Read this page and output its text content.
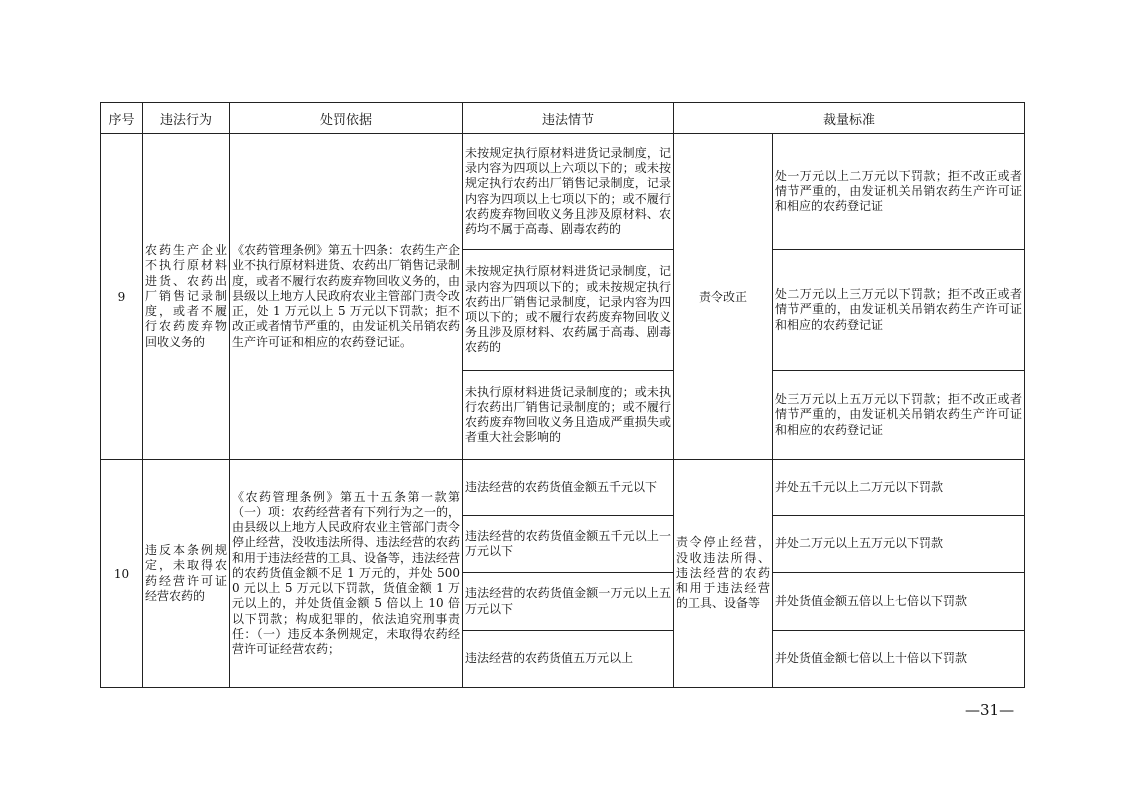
序号	违法行为	处罚依据	违法情节	裁量标准	
9	农药生产企业不执行原材料进货、农药出厂销售记录制度，或者不履行农药废弃物回收义务的	《农药管理条例》第五十四条：农药生产企业不执行原材料进货、农药出厂销售记录制度，或者不履行农药废弃物回收义务的，由县级以上地方人民政府农业主管部门责令改正，处 1 万元以上 5 万元以下罚款；拒不改正或者情节严重的，由发证机关吊销农药生产许可证和相应的农药登记证。	未按规定执行原材料进货记录制度，记录内容为四项以上六项以下的；或未按规定执行农药出厂销售记录制度，记录内容为四项以上七项以下的；或不履行农药废弃物回收义务且涉及原材料、农药均不属于高毒、剧毒农药的	责令改正	处一万元以上二万元以下罚款；拒不改正或者情节严重的，由发证机关吊销农药生产许可证和相应的农药登记证
			未按规定执行原材料进货记录制度，记录内容为四项以下的；或未按规定执行农药出厂销售记录制度，记录内容为四项以下的；或不履行农药废弃物回收义务且涉及原材料、农药属于高毒、剧毒农药的		处二万元以上三万元以下罚款；拒不改正或者情节严重的，由发证机关吊销农药生产许可证和相应的农药登记证
			未执行原材料进货记录制度的；或未执行农药出厂销售记录制度的；或不履行农药废弃物回收义务且造成严重损失或者重大社会影响的		处三万元以上五万元以下罚款；拒不改正或者情节严重的，由发证机关吊销农药生产许可证和相应的农药登记证
10	违反本条例规定，未取得农药经营许可证经营农药的	《农药管理条例》第五十五条第一款第（一）项：农药经营者有下列行为之一的，由县级以上地方人民政府农业主管部门责令停止经营，没收违法所得、违法经营的农药和用于违法经营的工具、设备等，违法经营的农药货值金额不足 1 万元的，并处 5000 元以上 5 万元以下罚款，货值金额 1 万元以上的，并处货值金额 5 倍以上 10 倍以下罚款；构成犯罪的，依法追究刑事责任：（一）违反本条例规定，未取得农药经营许可证经营农药；	违法经营的农药货值金额五千元以下	责令停止经营，没收违法所得、违法经营的农药和用于违法经营的工具、设备等	并处五千元以上二万元以下罚款
			违法经营的农药货值金额五千元以上一万元以下		并处二万元以上五万元以下罚款
			违法经营的农药货值金额一万元以上五万元以下		并处货值金额五倍以上七倍以下罚款
			违法经营的农药货值五万元以上		并处货值金额七倍以上十倍以下罚款
—31—
